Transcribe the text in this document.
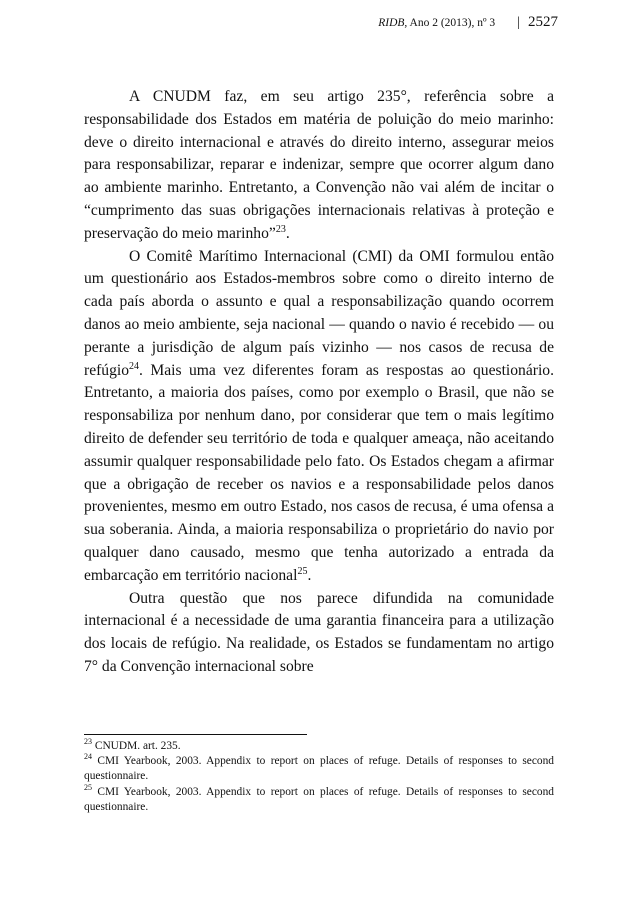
RIDB , Ano 2 (2013), nº 3 | 2527

A CNUDM faz, em seu artigo 235°, referência sobre a responsabilidade dos Estados em matéria de poluição do meio marinho: deve o direito internacional e através do direito interno, assegurar meios para responsabilizar, reparar e indenizar, sempre que ocorrer algum dano ao ambiente marinho. Entretanto, a Convenção não vai além de incitar o “cumprimento das suas obrigações internacionais relativas à proteção e preservação do meio marinho”$^{23}$.

O Comitê Marítimo Internacional (CMI) da OMI formulou então um questionário aos Estados-membros sobre como o direito interno de cada país aborda o assunto e qual a responsabilização quando ocorrem danos ao meio ambiente, seja nacional — quando o navio é recebido — ou perante a jurisdição de algum país vizinho — nos casos de recusa de refúgio$^{24}$. Mais uma vez diferentes foram as respostas ao questionário. Entretanto, a maioria dos países, como por exemplo o Brasil, que não se responsabiliza por nenhum dano, por considerar que tem o mais legítimo direito de defender seu território de toda e qualquer ameaça, não aceitando assumir qualquer responsabilidade pelo fato. Os Estados chegam a afirmar que a obrigação de receber os navios e a responsabilidade pelos danos provenientes, mesmo em outro Estado, nos casos de recusa, é uma ofensa a sua soberania. Ainda, a maioria responsabiliza o proprietário do navio por qualquer dano causado, mesmo que tenha autorizado a entrada da embarcação em território nacional$^{25}$.

Outra questão que nos parece difundida na comunidade internacional é a necessidade de uma garantia financeira para a utilização dos locais de refúgio. Na realidade, os Estados se fundamentam no artigo 7° da Convenção internacional sobre

$^{23}$ CNUDM. art. 235.

$^{24}$ CMI Yearbook, 2003. Appendix to report on places of refuge. Details of responses to second questionnaire.

$^{25}$ CMI Yearbook, 2003. Appendix to report on places of refuge. Details of responses to second questionnaire.
